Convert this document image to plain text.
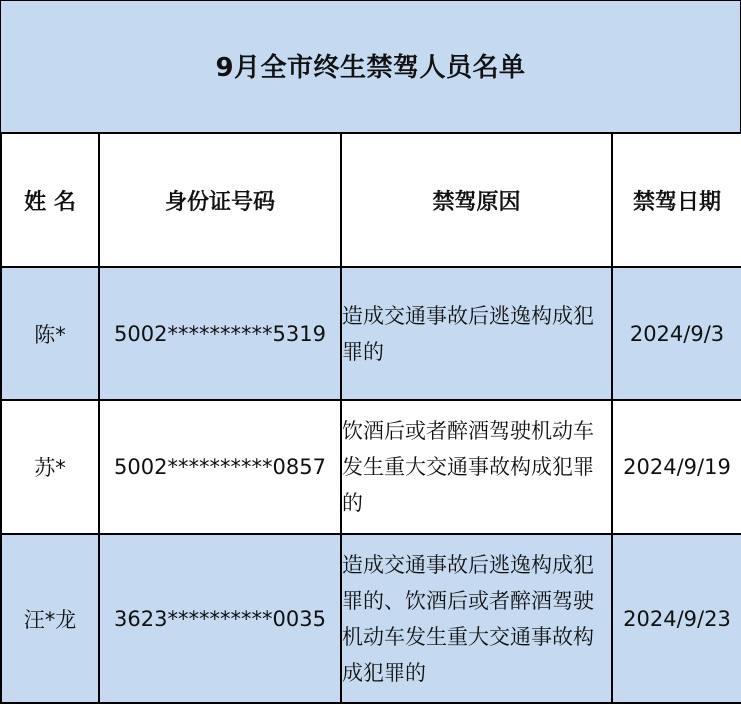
9月全市终生禁驾人员名单
姓 名	身份证号码	禁驾原因	禁驾日期
陈*	5002**********5319	造成交通事故后逃逸构成犯罪的	2024/9/3
苏*	5002**********0857	饮酒后或者醉酒驾驶机动车发生重大交通事故构成犯罪的	2024/9/19
汪*龙	3623**********0035	造成交通事故后逃逸构成犯罪的、饮酒后或者醉酒驾驶机动车发生重大交通事故构成犯罪的	2024/9/23
